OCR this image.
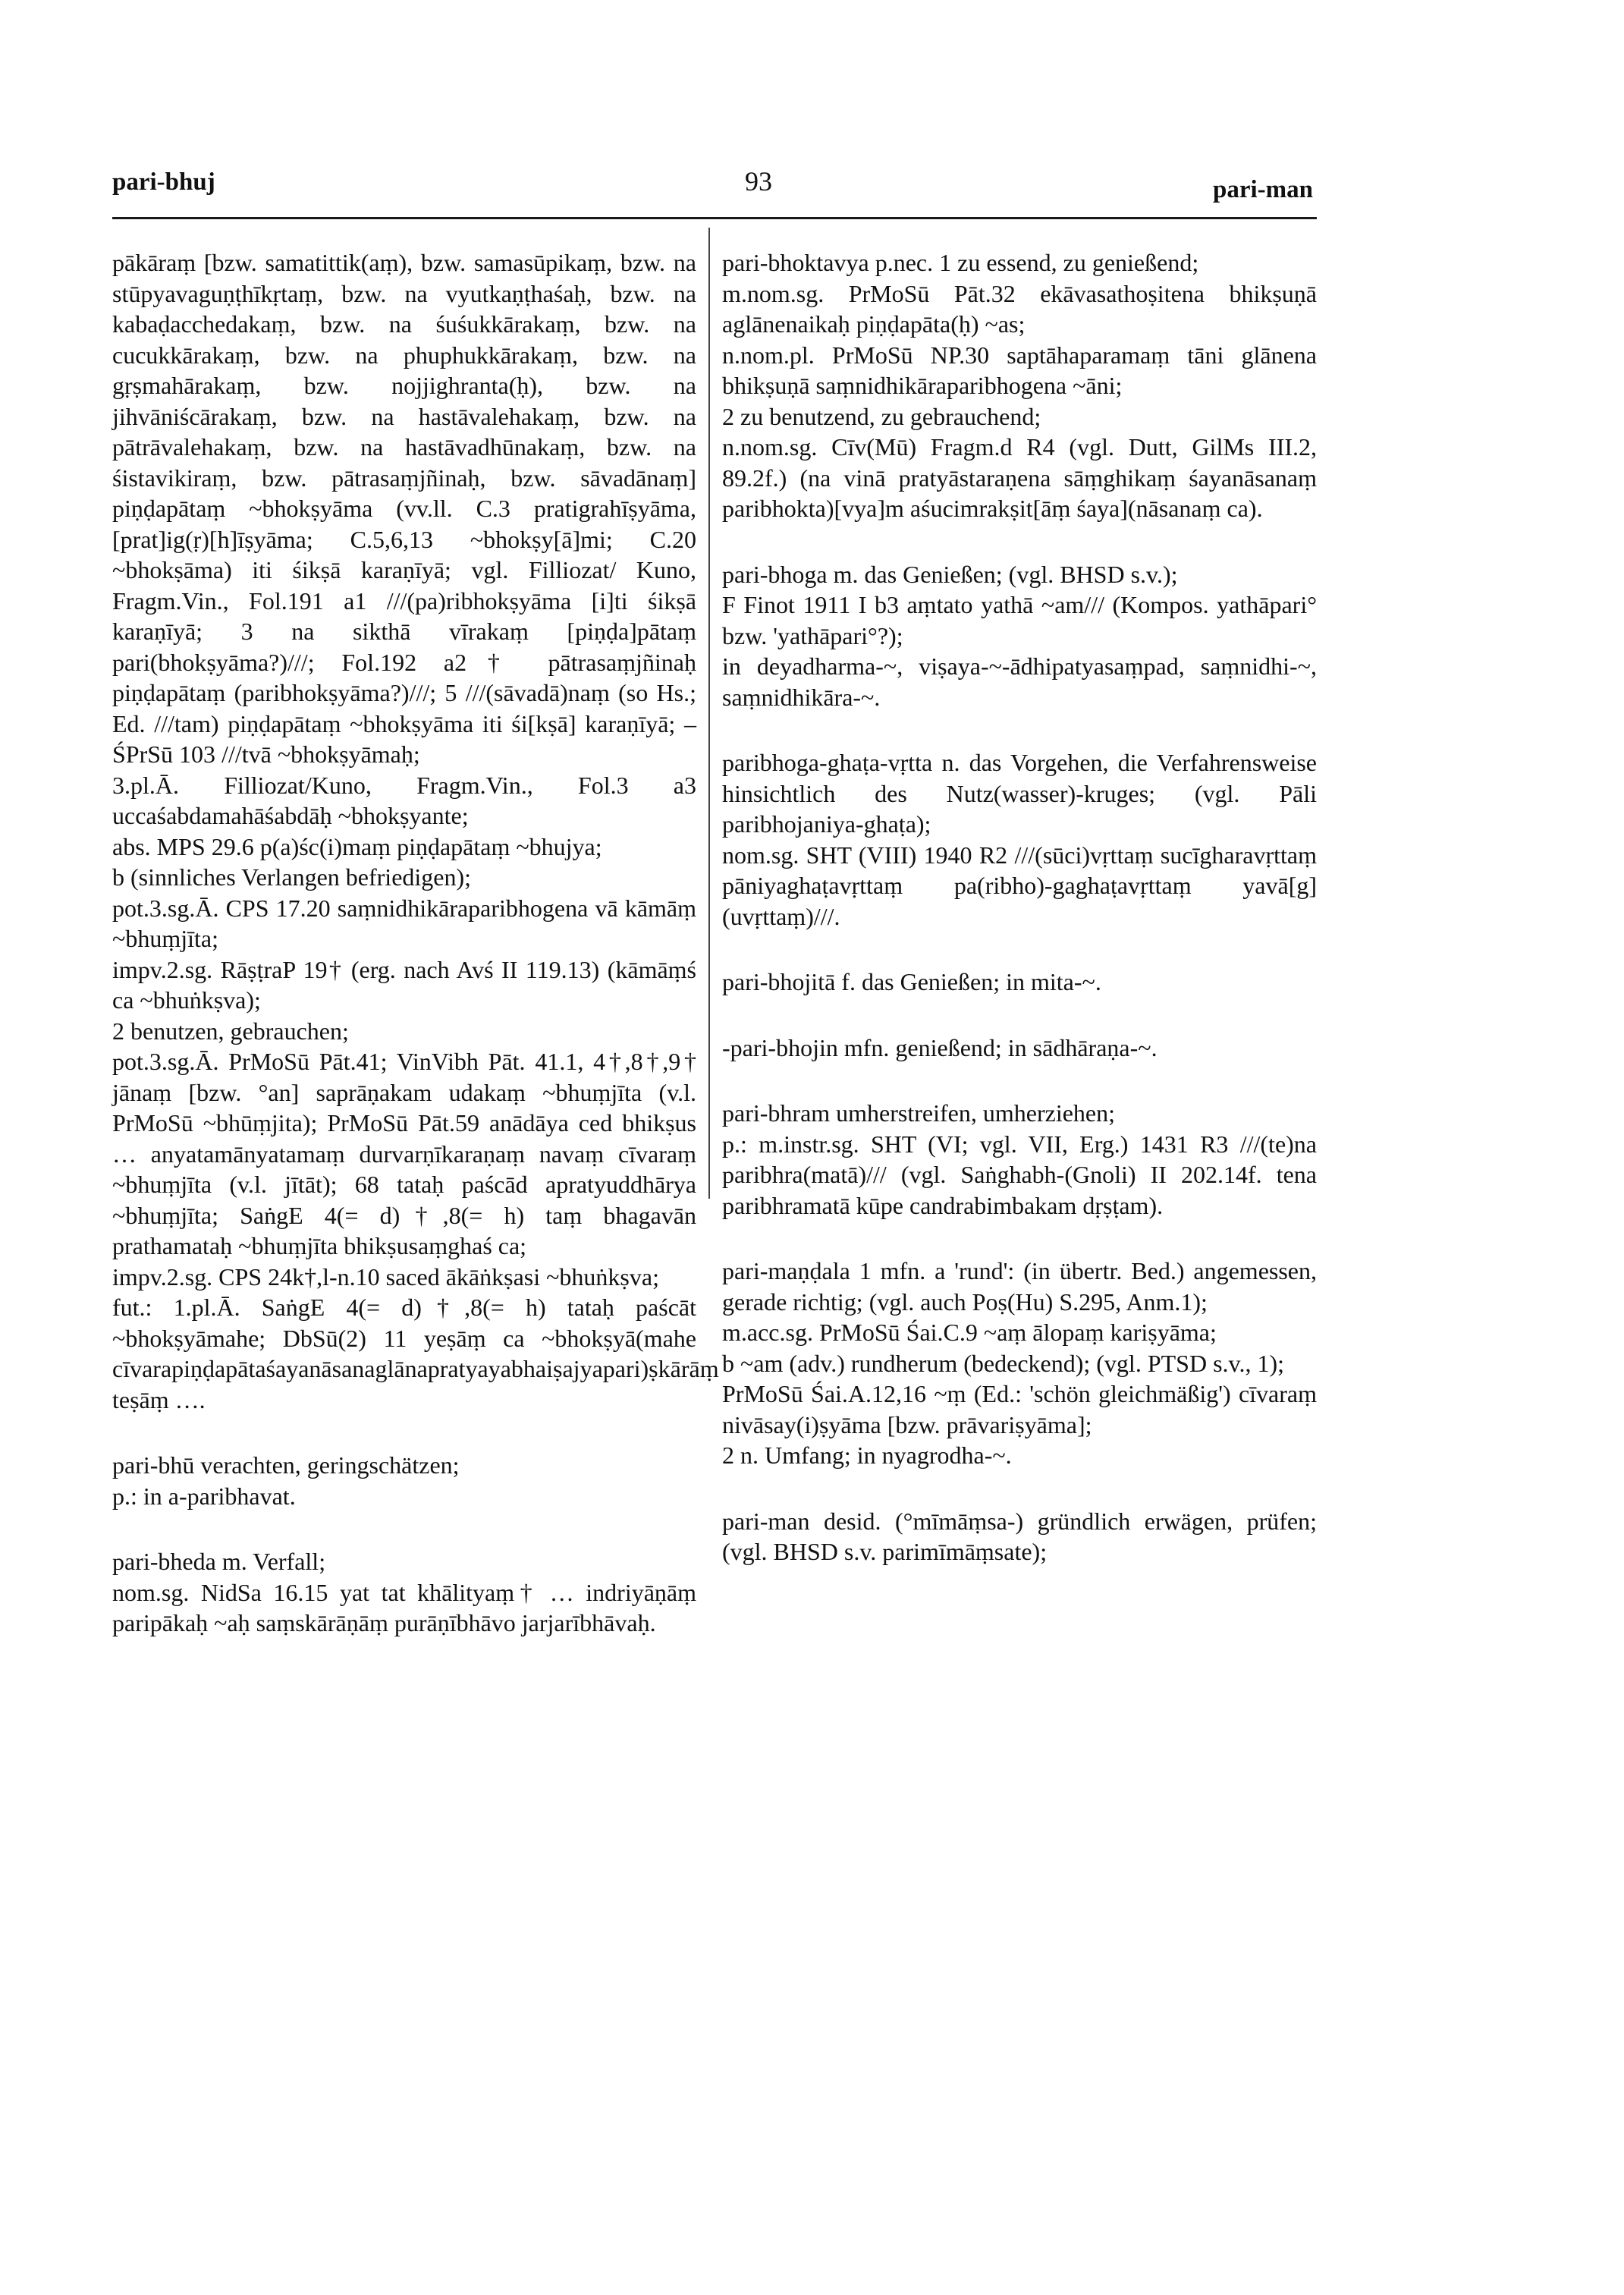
pari-bhuj	93	pari-man

pākāraṃ [bzw. samatittik(aṃ), bzw. samasūpikaṃ, bzw. na stūpyavaguṇṭhīkṛtaṃ, bzw. na vyutkaṇṭhaśaḥ, bzw. na kabaḍacchedakaṃ, bzw. na śuśukkārakaṃ, bzw. na cucukkārakaṃ, bzw. na phuphukkārakaṃ, bzw. na gṛṣmahārakaṃ, bzw. nojjighranta(ḥ), bzw. na jihvāniścārakaṃ, bzw. na hastāvalehakaṃ, bzw. na pātrāvalehakaṃ, bzw. na hastāvadhūnakaṃ, bzw. na śistavikiraṃ, bzw. pātrasaṃjñinaḥ, bzw. sāvadānaṃ] piṇḍapātaṃ ~bhokṣyāma (vv.ll. C.3 pratigrahīṣyāma, [prat]ig(ṛ)[h]īṣyāma; C.5,6,13 ~bhokṣy[ā]mi; C.20 ~bhokṣāma) iti śikṣā karaṇīyā; vgl. Filliozat/ Kuno, Fragm.Vin., Fol.191 a1 ///(pa)ribhokṣyāma [i]ti śikṣā karaṇīyā; 3 na sikthā vīrakaṃ [piṇḍa]pātaṃ pari(bhokṣyāma?)///; Fol.192 a2† pātrasaṃjñinaḥ piṇḍapātaṃ (paribhokṣyāma?)///; 5 ///(sāvadā)naṃ (so Hs.; Ed. ///tam) piṇḍapātaṃ ~bhokṣyāma iti śi[kṣā] karaṇīyā; – ŚPrSū 103 ///tvā ~bhokṣyāmaḥ;

3.pl.Ā. Filliozat/Kuno, Fragm.Vin., Fol.3 a3 uccaśabdamahāśabdāḥ ~bhokṣyante;

abs. MPS 29.6 p(a)śc(i)maṃ piṇḍapātaṃ ~bhujya;

b (sinnliches Verlangen befriedigen);

pot.3.sg.Ā. CPS 17.20 saṃnidhikāraparibhogena vā kāmāṃ ~bhuṃjīta;

impv.2.sg. RāṣṭraP 19† (erg. nach Avś II 119.13) (kāmāṃś ca ~bhuṅkṣva);

2 benutzen, gebrauchen;

pot.3.sg.Ā. PrMoSū Pāt.41; VinVibh Pāt. 41.1, 4†,8†,9† jānaṃ [bzw. °an] saprāṇakam udakaṃ ~bhuṃjīta (v.l. PrMoSū ~bhūṃjita); PrMoSū Pāt.59 anādāya ced bhikṣus … anyatamānyatamaṃ durvarṇīkaraṇaṃ navaṃ cīvaraṃ ~bhuṃjīta (v.l. jītāt); 68 tataḥ paścād apratyuddhārya ~bhuṃjīta; SaṅgE 4(= d)†,8(= h) taṃ bhagavān prathamataḥ ~bhuṃjīta bhikṣusaṃghaś ca;

impv.2.sg. CPS 24k†,l-n.10 saced ākāṅkṣasi ~bhuṅkṣva;

fut.: 1.pl.Ā. SaṅgE 4(= d)†,8(= h) tataḥ paścāt ~bhokṣyāmahe; DbSū(2) 11 yeṣāṃ ca ~bhokṣyā(mahe cīvarapiṇḍapātaśayanāsanaglānapratyayabhaiṣajyapari)ṣkārāṃ teṣāṃ ….

pari-bhū verachten, geringschätzen;

p.: in a-paribhavat.

pari-bheda m. Verfall;

nom.sg. NidSa 16.15 yat tat khālityaṃ† … indriyāṇāṃ paripākaḥ ~aḥ saṃskārāṇāṃ purāṇībhāvo jarjarībhāvaḥ.

pari-bhoktavya p.nec. 1 zu essend, zu genießend;

m.nom.sg. PrMoSū Pāt.32 ekāvasathoṣitena bhikṣuṇā aglānenaikaḥ piṇḍapāta(ḥ) ~as;

n.nom.pl. PrMoSū NP.30 saptāhaparamaṃ tāni glānena bhikṣuṇā saṃnidhikāraparibhogena ~āni;

2 zu benutzend, zu gebrauchend;

n.nom.sg. Cīv(Mū) Fragm.d R4 (vgl. Dutt, GilMs III.2, 89.2f.) (na vinā pratyāstaraṇena sāṃghikaṃ śayanāsanaṃ paribhokta)[vya]m aśucimrakṣit[āṃ śaya](nāsanaṃ ca).

pari-bhoga m. das Genießen; (vgl. BHSD s.v.);

F Finot 1911 I b3 aṃtato yathā ~am/// (Kompos. yathāpari° bzw. 'yathāpari°?);

in deyadharma-~, viṣaya-~-ādhipatyasaṃpad, saṃnidhi-~, saṃnidhikāra-~.

paribhoga-ghaṭa-vṛtta n. das Vorgehen, die Verfahrensweise hinsichtlich des Nutz(wasser)-kruges; (vgl. Pāli paribhojaniya-ghaṭa);

nom.sg. SHT (VIII) 1940 R2 ///(sūci)vṛttaṃ sucīgharavṛttaṃ pāniyaghaṭavṛttaṃ pa(ribho)-gaghaṭavṛttaṃ yavā[g](uvṛttaṃ)///.

pari-bhojitā f. das Genießen; in mita-~.

-pari-bhojin mfn. genießend; in sādhāraṇa-~.

pari-bhram umherstreifen, umherziehen;

p.: m.instr.sg. SHT (VI; vgl. VII, Erg.) 1431 R3 ///(te)na paribhra(matā)/// (vgl. Saṅghabh-(Gnoli) II 202.14f. tena paribhramatā kūpe candrabimbakam dṛṣṭam).

pari-maṇḍala 1 mfn. a 'rund': (in übertr. Bed.) angemessen, gerade richtig; (vgl. auch Poṣ(Hu) S.295, Anm.1);

m.acc.sg. PrMoSū Śai.C.9 ~aṃ ālopaṃ kariṣyāma;

b ~am (adv.) rundherum (bedeckend); (vgl. PTSD s.v., 1);

PrMoSū Śai.A.12,16 ~ṃ (Ed.: 'schön gleichmäßig') cīvaraṃ nivāsay(i)ṣyāma [bzw. prāvariṣyāma];

2 n. Umfang; in nyagrodha-~.

pari-man desid. (°mīmāṃsa-) gründlich erwägen, prüfen; (vgl. BHSD s.v. parimīmāṃsate);
